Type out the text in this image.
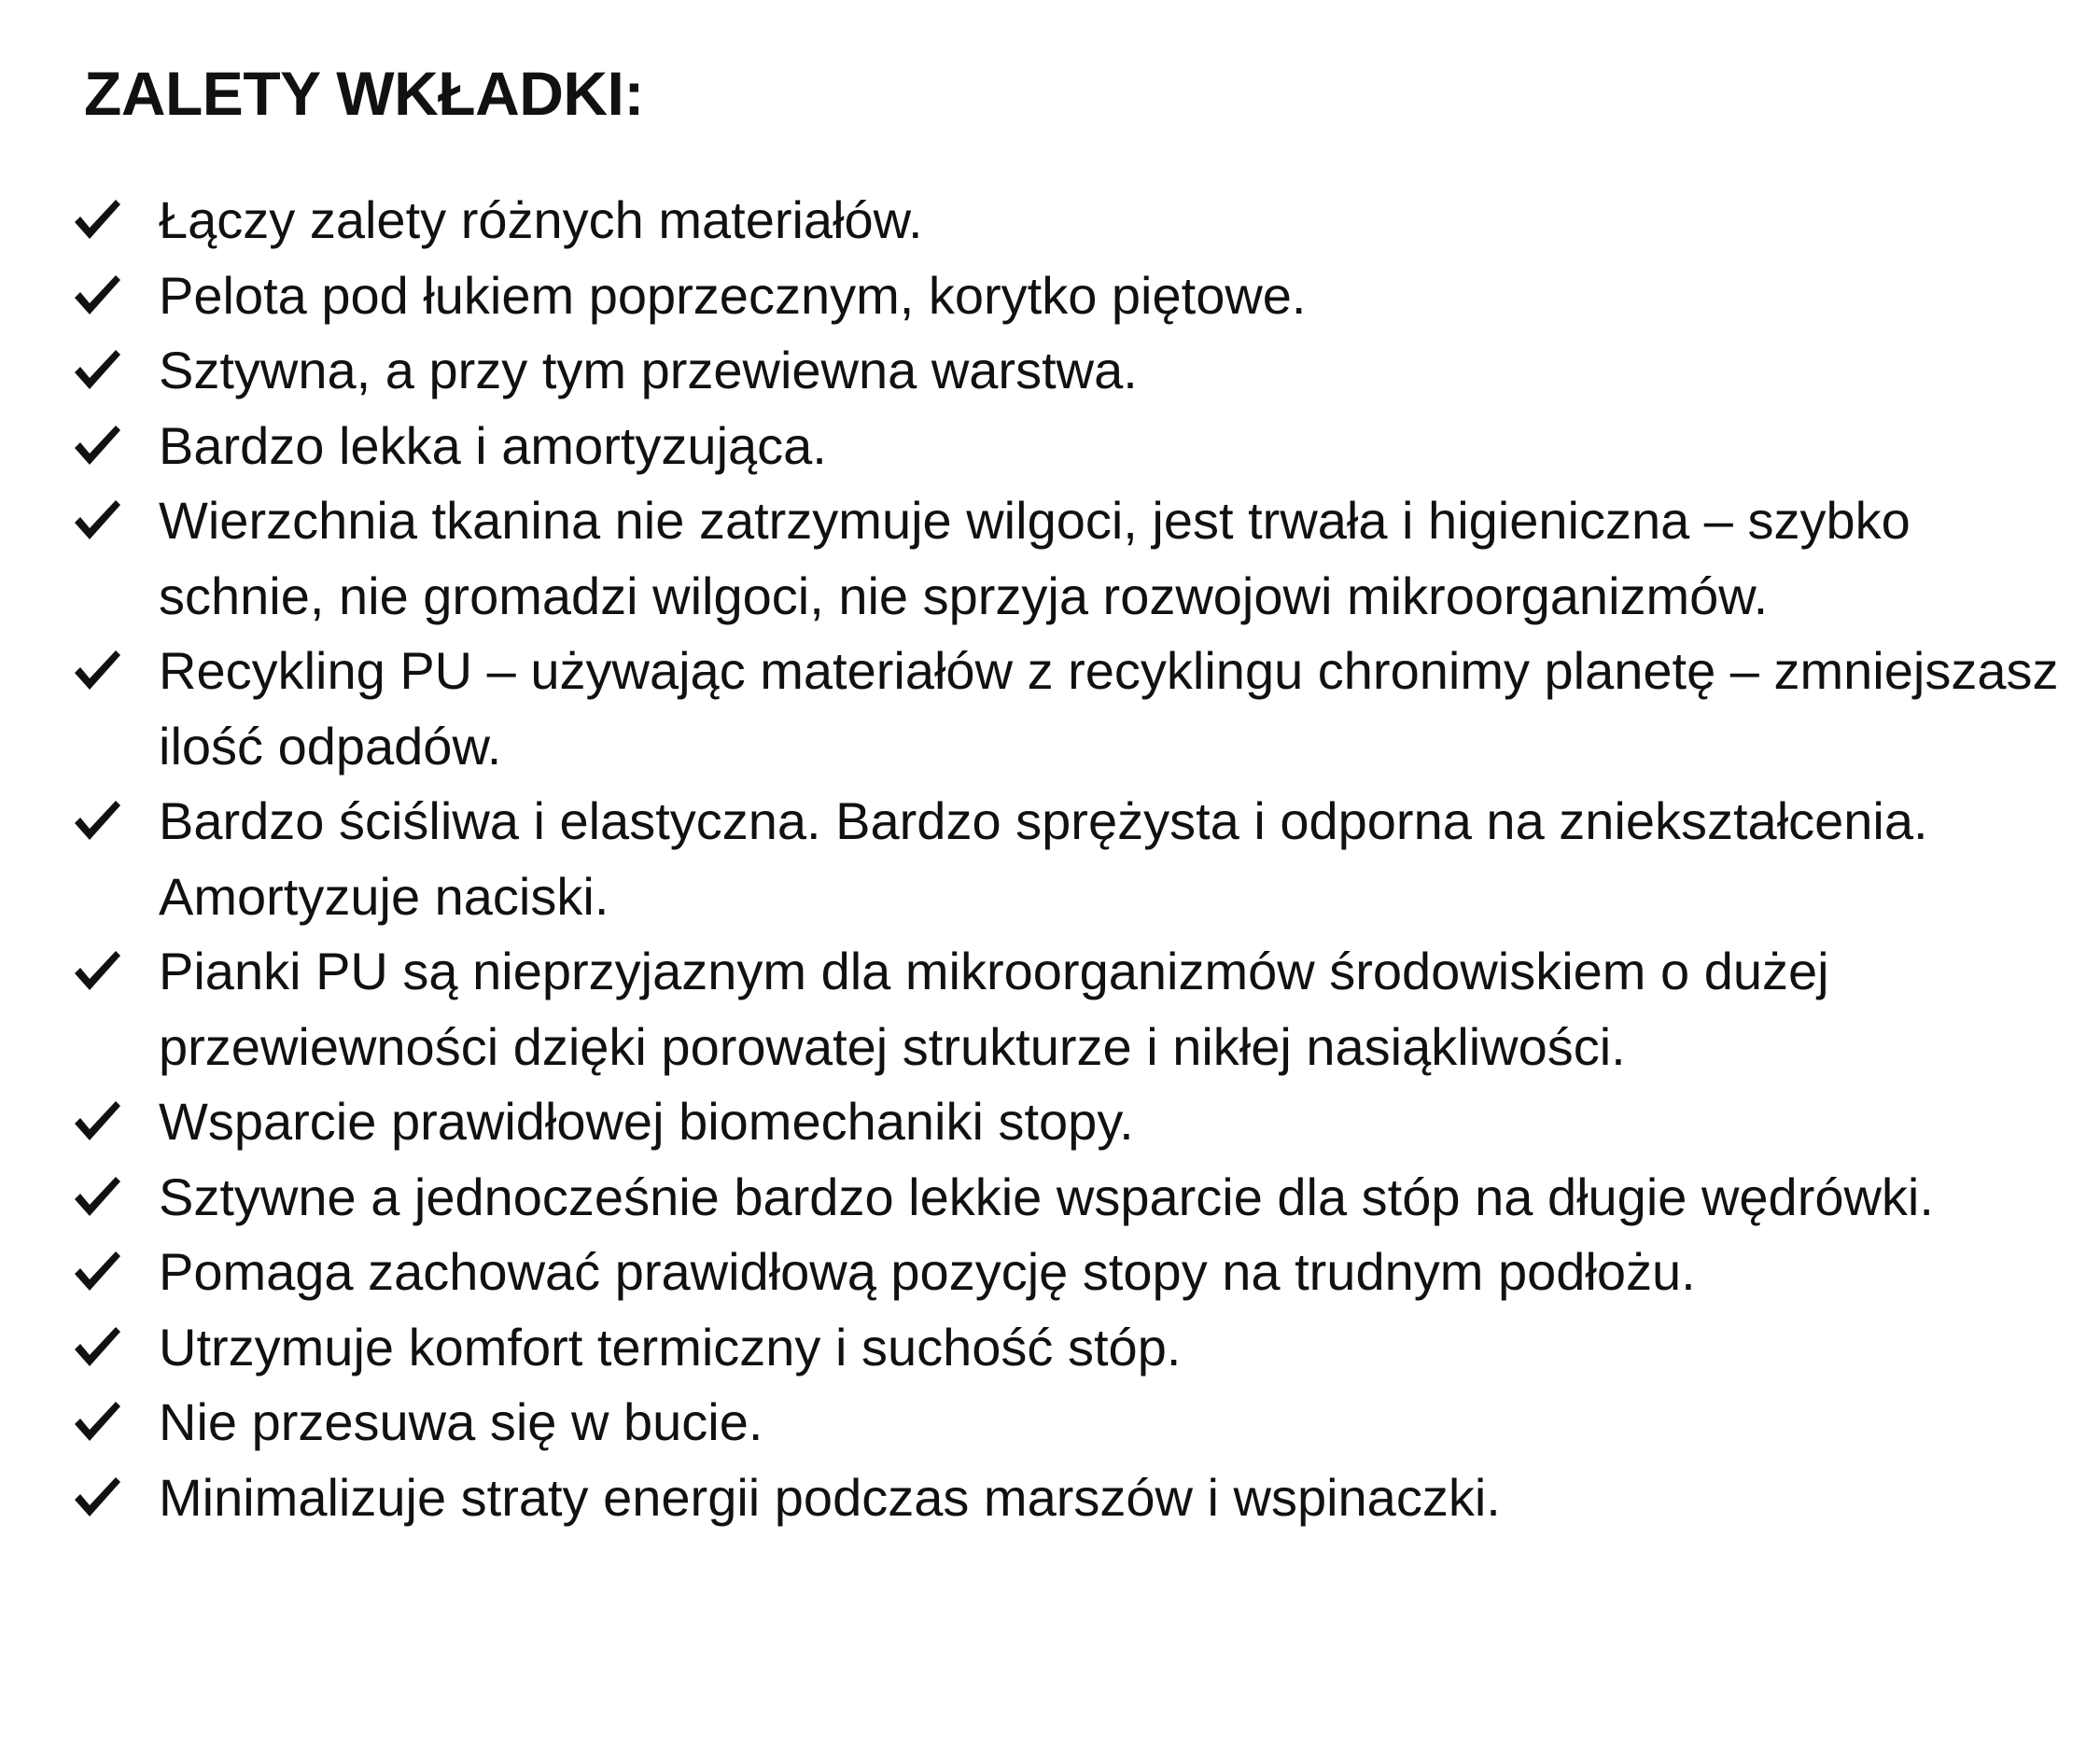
ZALETY WKŁADKI:
Łączy zalety różnych materiałów.
Pelota pod łukiem poprzecznym, korytko piętowe.
Sztywna, a przy tym przewiewna warstwa.
Bardzo lekka i amortyzująca.
Wierzchnia tkanina nie zatrzymuje wilgoci, jest trwała i higieniczna – szybko schnie, nie gromadzi wilgoci, nie sprzyja rozwojowi mikroorganizmów.
Recykling PU – używając materiałów z recyklingu chronimy planetę – zmniejszasz ilość odpadów.
Bardzo ściśliwa i elastyczna. Bardzo sprężysta i odporna na zniekształcenia. Amortyzuje naciski.
Pianki PU są nieprzyjaznym dla mikroorganizmów środowiskiem o dużej przewiewności dzięki porowatej strukturze i nikłej nasiąkliwości.
Wsparcie prawidłowej biomechaniki stopy.
Sztywne a jednocześnie bardzo lekkie wsparcie dla stóp na długie wędrówki.
Pomaga zachować prawidłową pozycję stopy na trudnym podłożu.
Utrzymuje komfort termiczny i suchość stóp.
Nie przesuwa się w bucie.
Minimalizuje straty energii podczas marszów i wspinaczki.
